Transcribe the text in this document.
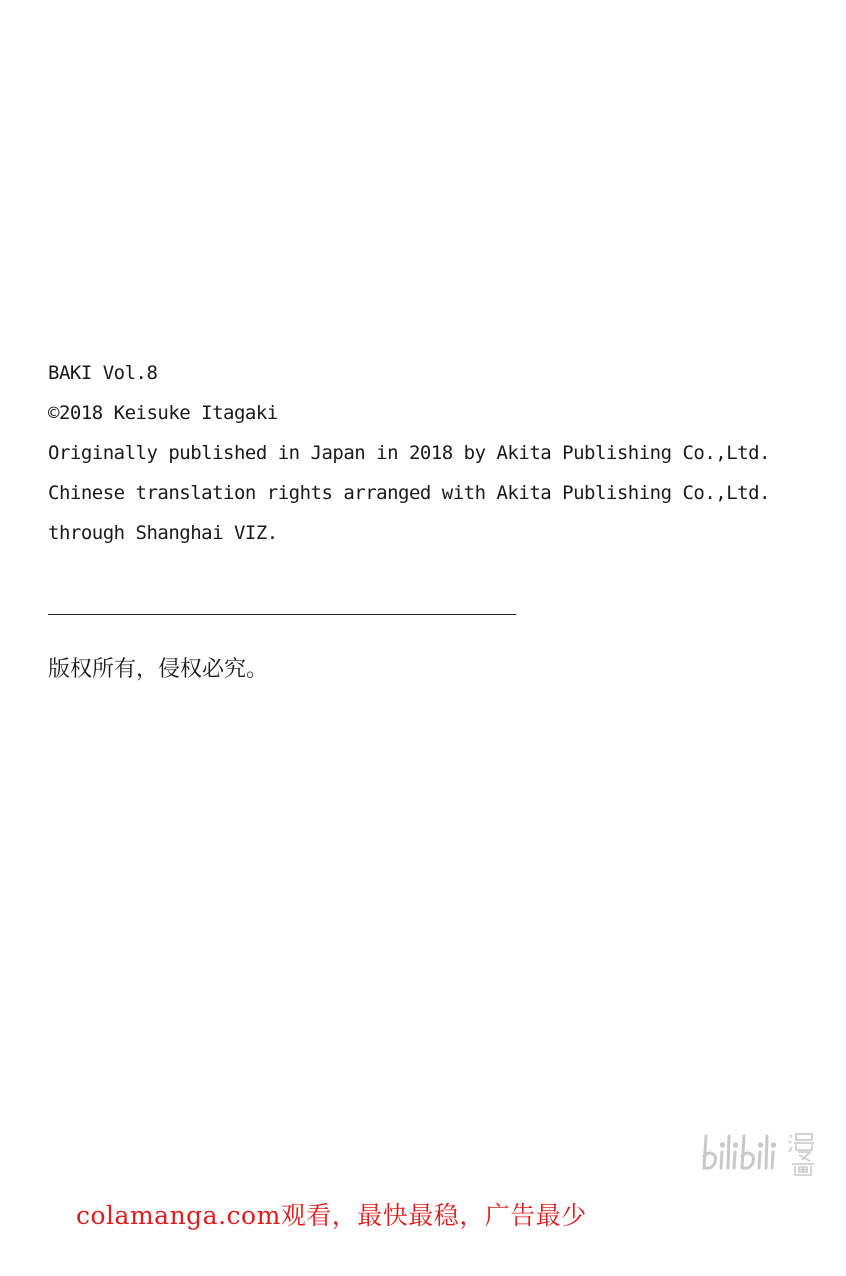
BAKI Vol.8
©2018 Keisuke Itagaki
Originally published in Japan in 2018 by Akita Publishing Co.,Ltd.
Chinese translation rights arranged with Akita Publishing Co.,Ltd.
through Shanghai VIZ.
版权所有，侵权必究。
colamanga.com观看，最快最稳，广告最少
